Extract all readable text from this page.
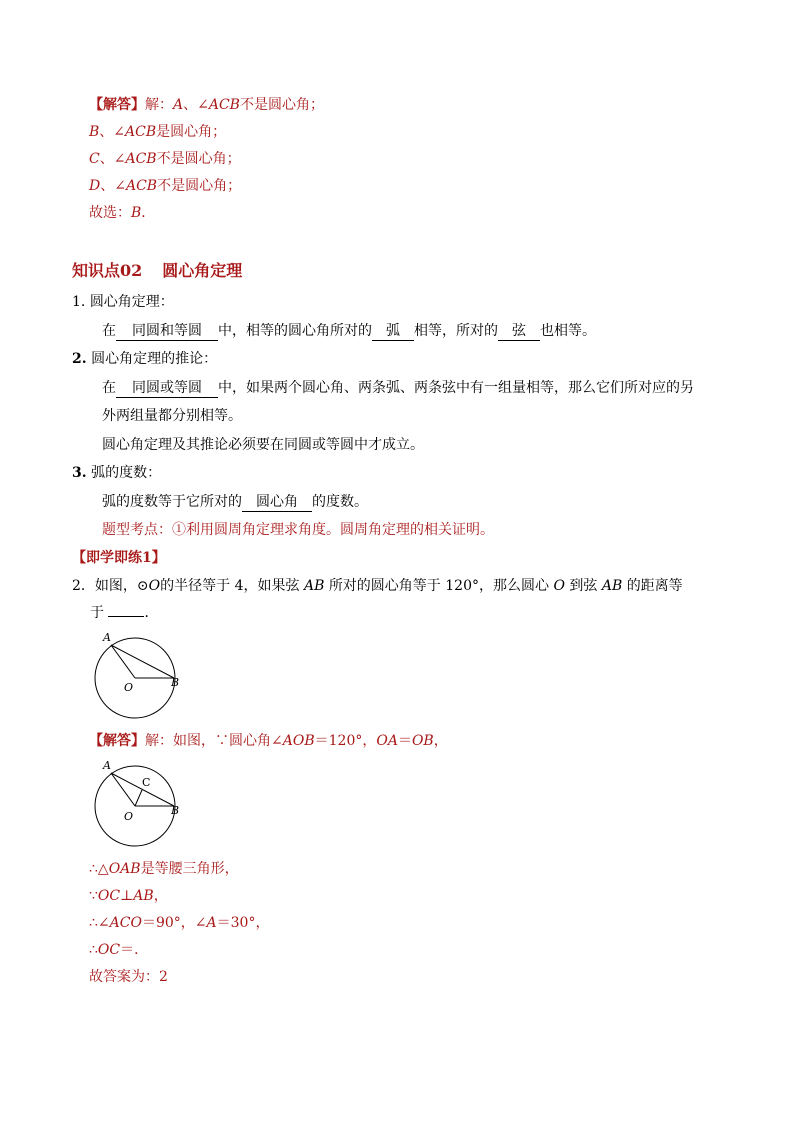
【解答】解：A、∠ACB不是圆心角；
B、∠ACB是圆心角；
C、∠ACB不是圆心角；
D、∠ACB不是圆心角；
故选：B．
知识点02 圆心角定理
1. 圆心角定理：
在 同圆和等圆 中，相等的圆心角所对的 弧 相等，所对的 弦 也相等。
2. 圆心角定理的推论：
在 同圆或等圆 中，如果两个圆心角、两条弧、两条弦中有一组量相等，那么它们所对应的另
外两组量都分别相等。
圆心角定理及其推论必须要在同圆或等圆中才成立。
3. 弧的度数：
弧的度数等于它所对的 圆心角 的度数。
题型考点：①利用圆周角定理求角度。圆周角定理的相关证明。
【即学即练1】
2．如图，⊙O的半径等于 4，如果弦 AB 所对的圆心角等于 120°，那么圆心 O 到弦 AB 的距离等
于	．
A
O	B
【解答】解：如图，∵圆心角∠AOB＝120°，OA＝OB，
A
C
O	B
∴△OAB是等腰三角形，
∵OC⊥AB，
∴∠ACO＝90°，∠A＝30°，
∴OC＝．
故答案为：2
